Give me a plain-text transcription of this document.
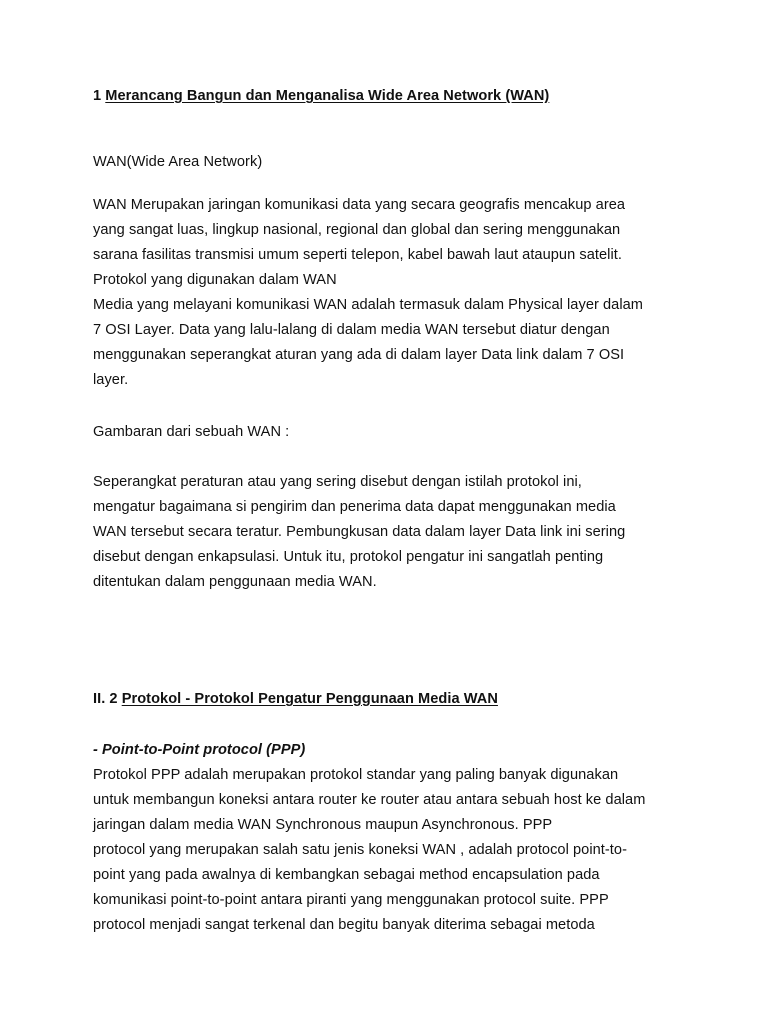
1 Merancang Bangun dan Menganalisa Wide Area Network (WAN)
WAN(Wide Area Network)
WAN Merupakan jaringan komunikasi data yang secara geografis mencakup area
yang sangat luas, lingkup nasional, regional dan global dan sering menggunakan
sarana fasilitas transmisi umum seperti telepon, kabel bawah laut ataupun satelit.
Protokol yang digunakan dalam WAN
Media yang melayani komunikasi WAN adalah termasuk dalam Physical layer dalam
7 OSI Layer. Data yang lalu-lalang di dalam media WAN tersebut diatur dengan
menggunakan seperangkat aturan yang ada di dalam layer Data link dalam 7 OSI
layer.
Gambaran dari sebuah WAN :
Seperangkat peraturan atau yang sering disebut dengan istilah protokol ini,
mengatur bagaimana si pengirim dan penerima data dapat menggunakan media
WAN tersebut secara teratur. Pembungkusan data dalam layer Data link ini sering
disebut dengan enkapsulasi. Untuk itu, protokol pengatur ini sangatlah penting
ditentukan dalam penggunaan media WAN.
II. 2 Protokol - Protokol Pengatur Penggunaan Media WAN
- Point-to-Point protocol (PPP)
Protokol PPP adalah merupakan protokol standar yang paling banyak digunakan
untuk membangun koneksi antara router ke router atau antara sebuah host ke dalam
jaringan dalam media WAN Synchronous maupun Asynchronous. PPP
protocol yang merupakan salah satu jenis koneksi WAN , adalah protocol point-to-
point yang pada awalnya di kembangkan sebagai method encapsulation pada
komunikasi point-to-point antara piranti yang menggunakan protocol suite. PPP
protocol menjadi sangat terkenal dan begitu banyak diterima sebagai metoda
